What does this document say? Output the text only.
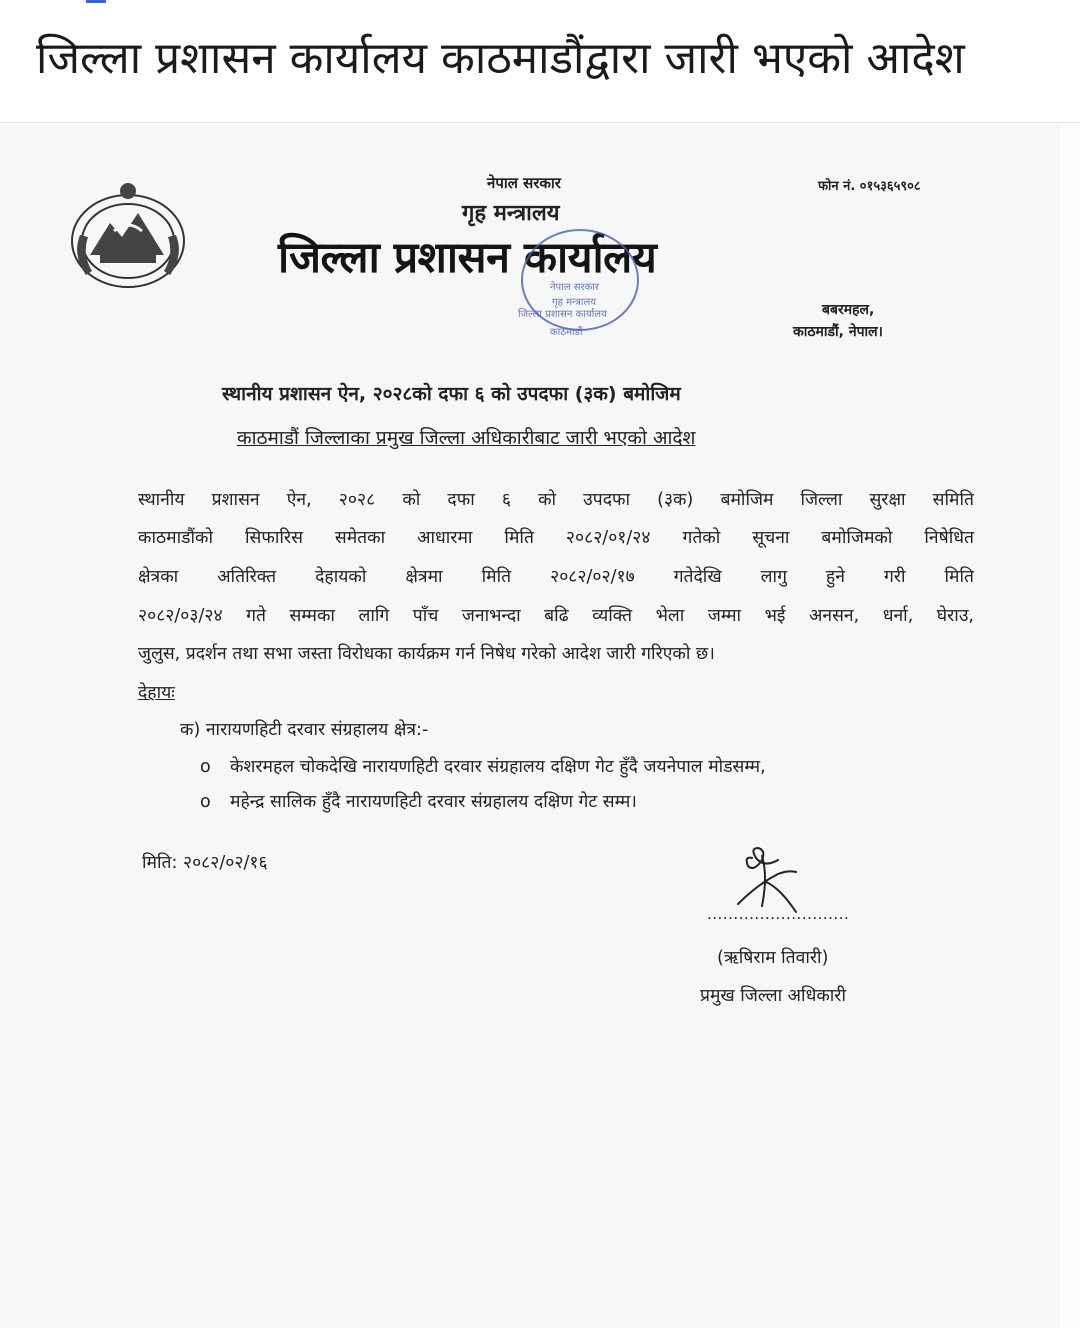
जिल्ला प्रशासन कार्यालय काठमाडौंद्वारा जारी भएको आदेश
नेपाल सरकार
गृह मन्त्रालय
जिल्ला प्रशासन कार्यालय
फोन नं. ०१५३६५९०८
नेपाल सरकार
गृह मन्त्रालय
जिल्ला प्रशासन कार्यालय
काठमाडौं
बबरमहल,
काठमाडौं, नेपाल।
स्थानीय प्रशासन ऐन, २०२८को दफा ६ को उपदफा (३क) बमोजिम
काठमाडौं जिल्लाका प्रमुख जिल्ला अधिकारीबाट जारी भएको आदेश
स्थानीय प्रशासन ऐन, २०२८ को दफा ६ को उपदफा (३क) बमोजिम जिल्ला सुरक्षा समिति
काठमाडौंको सिफारिस समेतका आधारमा मिति २०८२/०१/२४ गतेको सूचना बमोजिमको निषेधित
क्षेत्रका अतिरिक्त देहायको क्षेत्रमा मिति २०८२/०२/१७ गतेदेखि लागु हुने गरी मिति
२०८२/०३/२४ गते सम्मका लागि पाँच जनाभन्दा बढि व्यक्ति भेला जम्मा भई अनसन, धर्ना, घेराउ,
जुलुस, प्रदर्शन तथा सभा जस्ता विरोधका कार्यक्रम गर्न निषेध गरेको आदेश जारी गरिएको छ।
देहायः
क) नारायणहिटी दरवार संग्रहालय क्षेत्र:-
o केशरमहल चोकदेखि नारायणहिटी दरवार संग्रहालय दक्षिण गेट हुँदै जयनेपाल मोडसम्म,
o महेन्द्र सालिक हुँदै नारायणहिटी दरवार संग्रहालय दक्षिण गेट सम्म।
मिति: २०८२/०२/१६
...........................
(ऋषिराम तिवारी)
प्रमुख जिल्ला अधिकारी
